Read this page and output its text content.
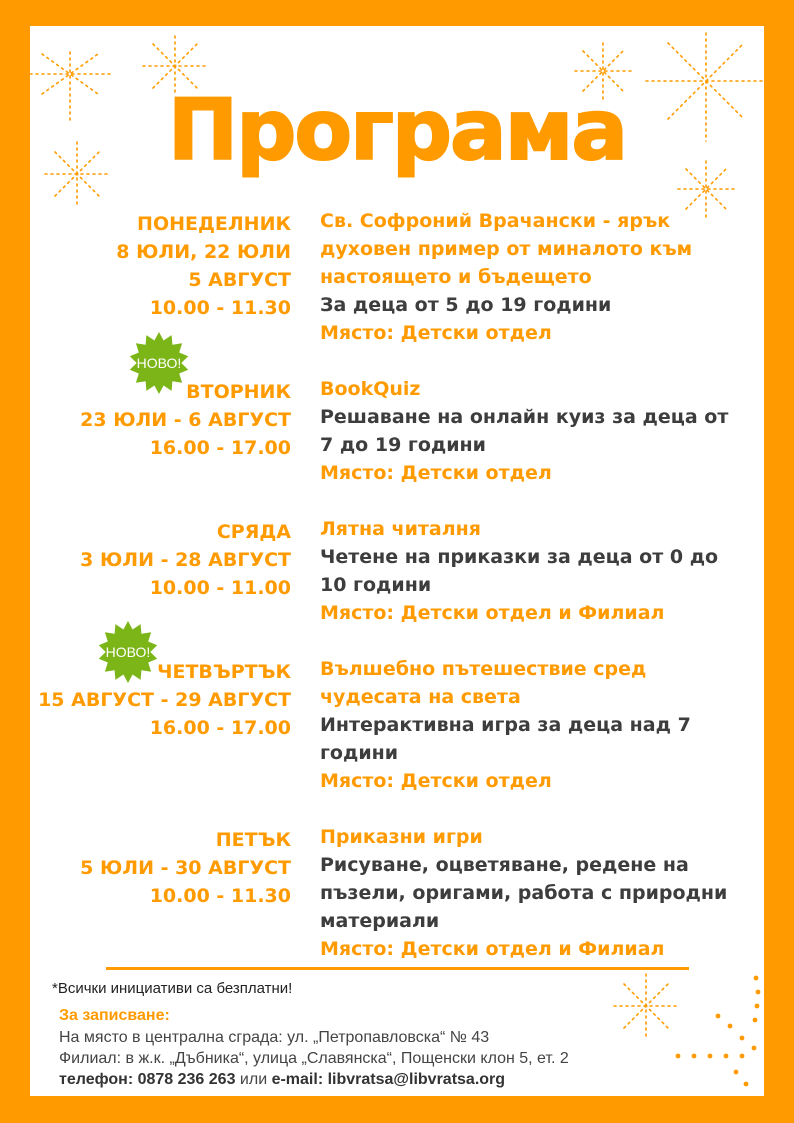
Програма
ПОНЕДЕЛНИК
8 ЮЛИ, 22 ЮЛИ
5 АВГУСТ
10.00 - 11.30
Св. Софроний Врачански - ярък духовен пример от миналото към настоящето и бъдещето
За деца от 5 до 19 години
Място: Детски отдел
НОВО!
ВТОРНИК
23 ЮЛИ - 6 АВГУСТ
16.00 - 17.00
BookQuiz
Решаване на онлайн куиз за деца от 7 до 19 години
Място: Детски отдел
СРЯДА
3 ЮЛИ - 28 АВГУСТ
10.00 - 11.00
Лятна читалня
Четене на приказки за деца от 0 до 10 години
Място: Детски отдел и Филиал
НОВО!
ЧЕТВЪРТЪК
15 АВГУСТ - 29 АВГУСТ
16.00 - 17.00
Вълшебно пътешествие сред чудесата на света
Интерактивна игра за деца над 7 години
Място: Детски отдел
ПЕТЪК
5 ЮЛИ - 30 АВГУСТ
10.00 - 11.30
Приказни игри
Рисуване, оцветяване, редене на пъзели, оригами, работа с природни материали
Място: Детски отдел и Филиал
*Всички инициативи са безплатни!
За записване:
На място в централна сграда: ул. „Петропавловска“ № 43
Филиал: в ж.к. „Дъбника“, улица „Славянска“, Пощенски клон 5, ет. 2
телефон: 0878 236 263 или e-mail: libvratsa@libvratsa.org
